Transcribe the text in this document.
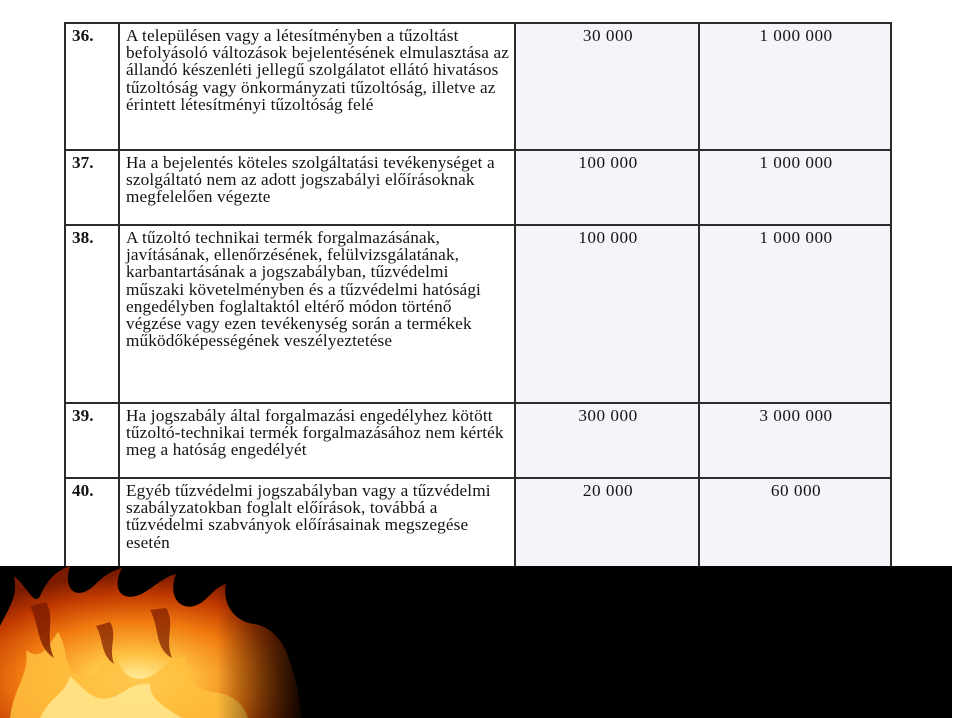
36.	A településen vagy a létesítményben a tűzoltást befolyásoló változások bejelentésének elmulasztása az állandó készenléti jellegű szolgálatot ellátó hivatásos tűzoltóság vagy önkormányzati tűzoltóság, illetve az érintett létesítményi tűzoltóság felé	30 000	1 000 000
37.	Ha a bejelentés köteles szolgáltatási tevékenységet a szolgáltató nem az adott jogszabályi előírásoknak megfelelően végezte	100 000	1 000 000
38.	A tűzoltó technikai termék forgalmazásának, javításának, ellenőrzésének, felülvizsgálatának, karbantartásának a jogszabályban, tűzvédelmi műszaki követelményben és a tűzvédelmi hatósági engedélyben foglaltaktól eltérő módon történő végzése vagy ezen tevékenység során a termékek működőképességének veszélyeztetése	100 000	1 000 000
39.	Ha jogszabály által forgalmazási engedélyhez kötött tűzoltó-technikai termék forgalmazásához nem kérték meg a hatóság engedélyét	300 000	3 000 000
40.	Egyéb tűzvédelmi jogszabályban vagy a tűzvédelmi szabályzatokban foglalt előírások, továbbá a tűzvédelmi szabványok előírásainak megszegése esetén	20 000	60 000
